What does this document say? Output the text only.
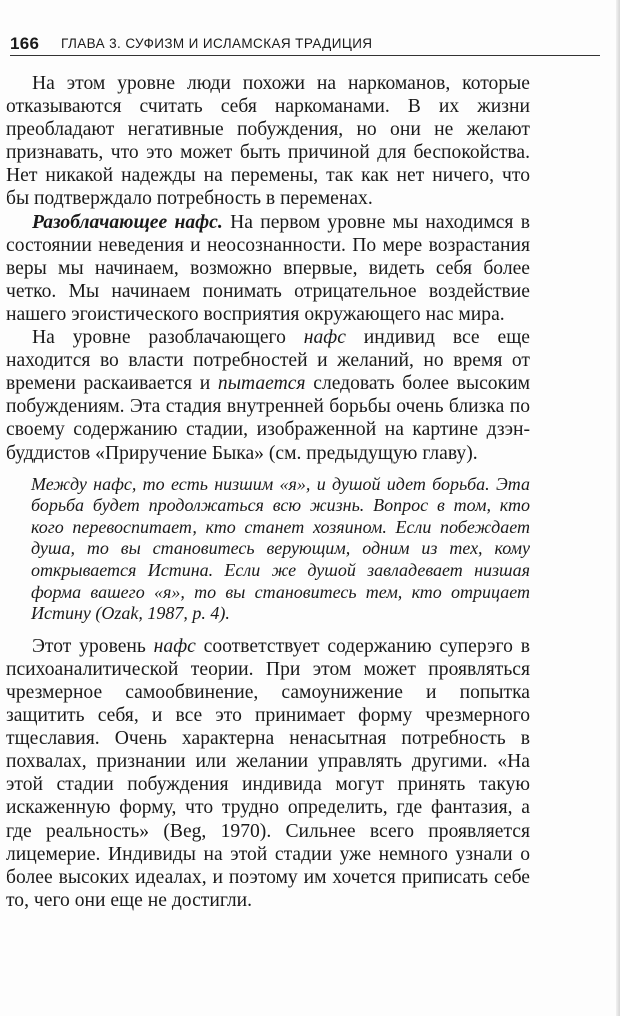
166 ГЛАВА 3. СУФИЗМ И ИСЛАМСКАЯ ТРАДИЦИЯ

На этом уровне люди похожи на наркоманов, которые отказываются считать себя наркоманами. В их жизни преобладают негативные побуждения, но они не желают признавать, что это может быть причиной для беспокойства. Нет никакой надежды на перемены, так как нет ничего, что бы подтверждало потребность в переменах.

Разоблачающее нафс. На первом уровне мы находимся в состоянии неведения и неосознанности. По мере возрастания веры мы начинаем, возможно впервые, видеть себя более четко. Мы начинаем понимать отрицательное воздействие нашего эгоистического восприятия окружающего нас мира.

На уровне разоблачающего нафс индивид все еще находится во власти потребностей и желаний, но время от времени раскаивается и пытается следовать более высоким побуждениям. Эта стадия внутренней борьбы очень близка по своему содержанию стадии, изображенной на картине дзэн-буддистов «Приручение Быка» (см. предыдущую главу).

Между нафс, то есть низшим «я», и душой идет борьба. Эта борьба будет продолжаться всю жизнь. Вопрос в том, кто кого перевоспитает, кто станет хозяином. Если побеждает душа, то вы становитесь верующим, одним из тех, кому открывается Истина. Если же душой завладевает низшая форма вашего «я», то вы становитесь тем, кто отрицает Истину (Ozak, 1987, p. 4).

Этот уровень нафс соответствует содержанию суперэго в психоаналитической теории. При этом может проявляться чрезмерное самообвинение, самоунижение и попытка защитить себя, и все это принимает форму чрезмерного тщеславия. Очень характерна ненасытная потребность в похвалах, признании или желании управлять другими. «На этой стадии побуждения индивида могут принять такую искаженную форму, что трудно определить, где фантазия, а где реальность» (Beg, 1970). Сильнее всего проявляется лицемерие. Индивиды на этой стадии уже немного узнали о более высоких идеалах, и поэтому им хочется приписать себе то, чего они еще не достигли.
